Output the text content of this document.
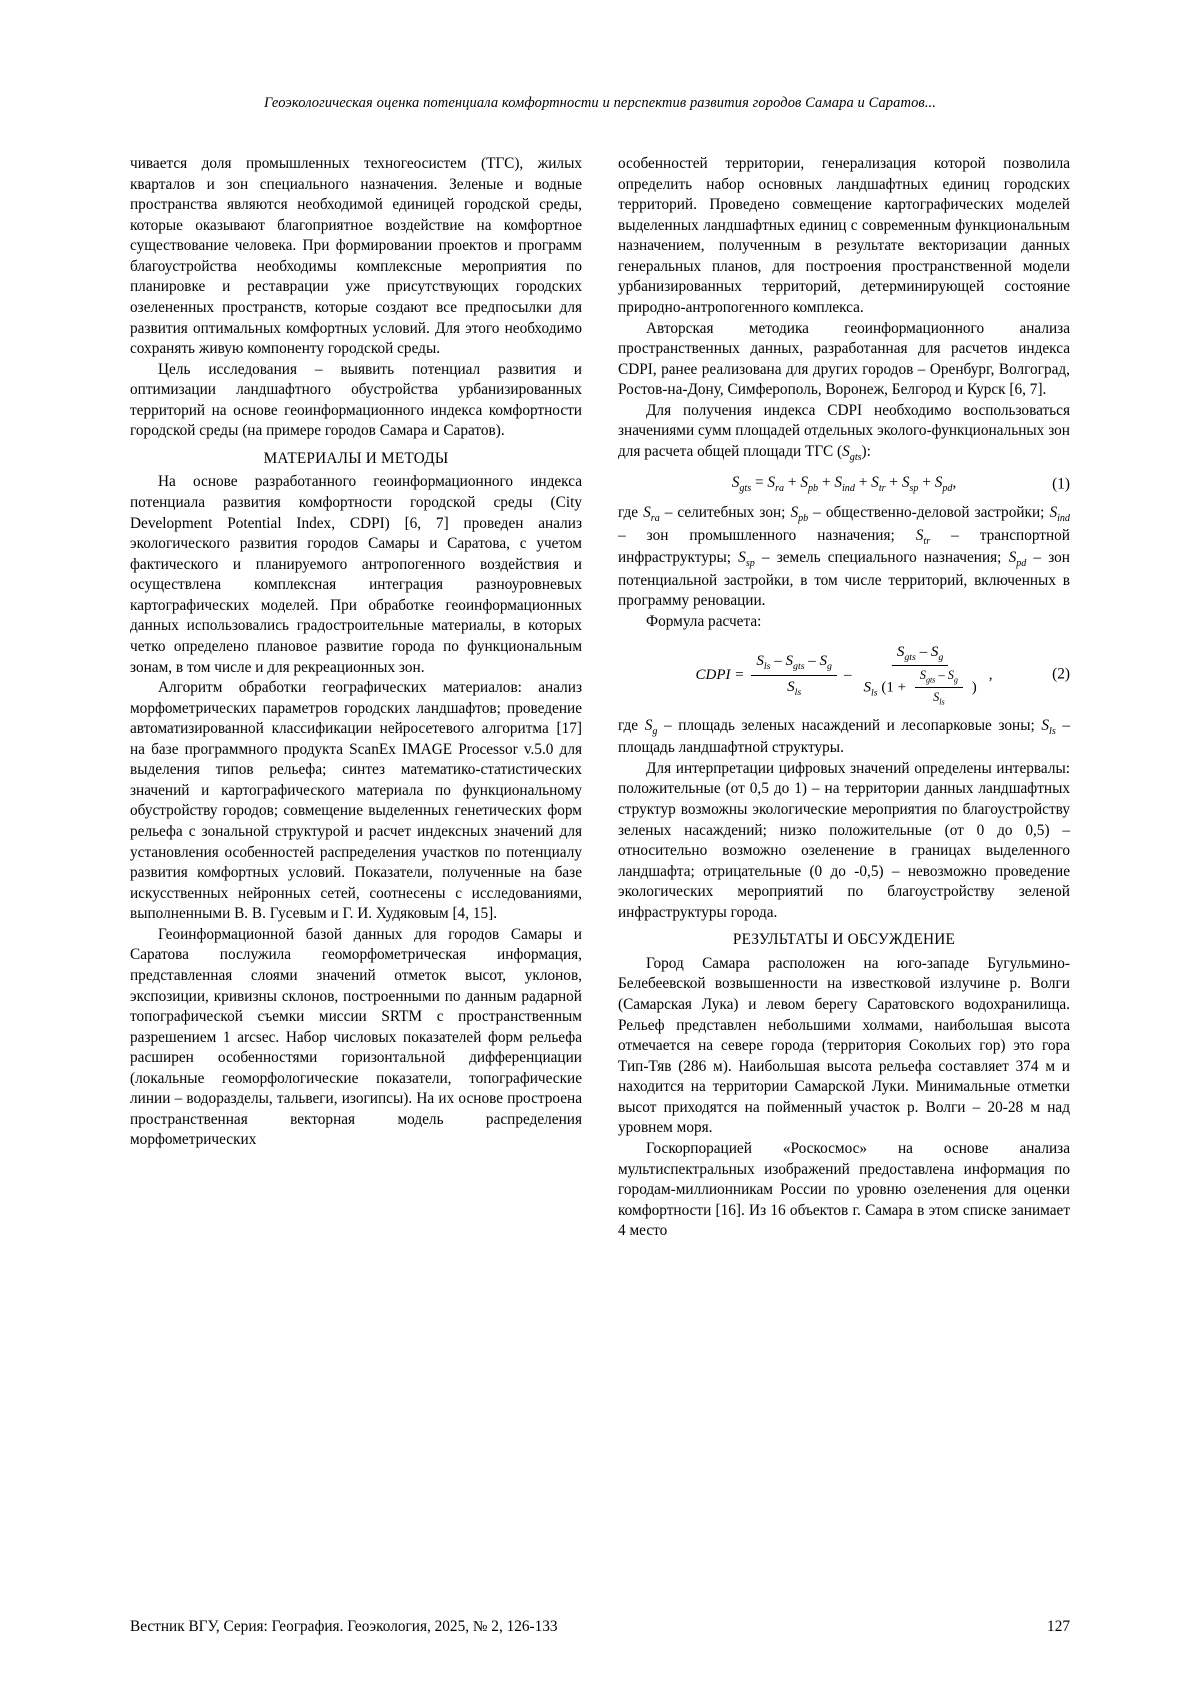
Геоэкологическая оценка потенциала комфортности и перспектив развития городов Самара и Саратов...

чивается доля промышленных техногеосистем (ТГС), жилых кварталов и зон специального назначения. Зеленые и водные пространства являются необходимой единицей городской среды, которые оказывают благоприятное воздействие на комфортное существование человека. При формировании проектов и программ благоустройства необходимы комплексные мероприятия по планировке и реставрации уже присутствующих городских озелененных пространств, которые создают все предпосылки для развития оптимальных комфортных условий. Для этого необходимо сохранять живую компоненту городской среды.

Цель исследования – выявить потенциал развития и оптимизации ландшафтного обустройства урбанизированных территорий на основе геоинформационного индекса комфортности городской среды (на примере городов Самара и Саратов).

МАТЕРИАЛЫ И МЕТОДЫ

На основе разработанного геоинформационного индекса потенциала развития комфортности городской среды (City Development Potential Index, CDPI) [6, 7] проведен анализ экологического развития городов Самары и Саратова, с учетом фактического и планируемого антропогенного воздействия и осуществлена комплексная интеграция разноуровневых картографических моделей. При обработке геоинформационных данных использовались градостроительные материалы, в которых четко определено плановое развитие города по функциональным зонам, в том числе и для рекреационных зон.

Алгоритм обработки географических материалов: анализ морфометрических параметров городских ландшафтов; проведение автоматизированной классификации нейросетевого алгоритма [17] на базе программного продукта ScanEx IMAGE Processor v.5.0 для выделения типов рельефа; синтез математико-статистических значений и картографического материала по функциональному обустройству городов; совмещение выделенных генетических форм рельефа с зональной структурой и расчет индексных значений для установления особенностей распределения участков по потенциалу развития комфортных условий. Показатели, полученные на базе искусственных нейронных сетей, соотнесены с исследованиями, выполненными В. В. Гусевым и Г. И. Худяковым [4, 15].

Геоинформационной базой данных для городов Самары и Саратова послужила геоморфометрическая информация, представленная слоями значений отметок высот, уклонов, экспозиции, кривизны склонов, построенными по данным радарной топографической съемки миссии SRTM с пространственным разрешением 1 arcsec. Набор числовых показателей форм рельефа расширен особенностями горизонтальной дифференциации (локальные геоморфологические показатели, топографические линии – водоразделы, тальвеги, изогипсы). На их основе простроена пространственная векторная модель распределения морфометрических

особенностей территории, генерализация которой позволила определить набор основных ландшафтных единиц городских территорий. Проведено совмещение картографических моделей выделенных ландшафтных единиц с современным функциональным назначением, полученным в результате векторизации данных генеральных планов, для построения пространственной модели урбанизированных территорий, детерминирующей состояние природно-антропогенного комплекса.

Авторская методика геоинформационного анализа пространственных данных, разработанная для расчетов индекса CDPI, ранее реализована для других городов – Оренбург, Волгоград, Ростов-на-Дону, Симферополь, Воронеж, Белгород и Курск [6, 7].

Для получения индекса CDPI необходимо воспользоваться значениями сумм площадей отдельных эколого-функциональных зон для расчета общей площади ТГС $(S_{gts})$:

$S_{gts} = S_{ra} + S_{pb} + S_{ind} + S_{tr} + S_{sp} + S_{pd}$,	(1)

где $S_{ra}$ – селитебных зон; $S_{pb}$ – общественно-деловой застройки; $S_{ind}$ – зон промышленного назначения; $S_{tr}$ – транспортной инфраструктуры; $S_{sp}$ – земель специального назначения; $S_{pd}$ – зон потенциальной застройки, в том числе территорий, включенных в программу реновации.

Формула расчета:

CDPI = $\frac{S_{ls} - S_{gts} - S_g}{S_{ls}}$ –
$S_{gts} - S_g$
$S_{ls}$ ($1 + \frac{S_{gts} - S_g}{S_{ls}}$ )
,	(2)

где $S_g$ – площадь зеленых насаждений и лесопарковые зоны; $S_{ls}$ – площадь ландшафтной структуры.

Для интерпретации цифровых значений определены интервалы: положительные (от 0,5 до 1) – на территории данных ландшафтных структур возможны экологические мероприятия по благоустройству зеленых насаждений; низко положительные (от 0 до 0,5) – относительно возможно озеленение в границах выделенного ландшафта; отрицательные (0 до -0,5) – невозможно проведение экологических мероприятий по благоустройству зеленой инфраструктуры города.

РЕЗУЛЬТАТЫ И ОБСУЖДЕНИЕ

Город Самара расположен на юго-западе Бугульмино-Белебеевской возвышенности на известковой излучине р. Волги (Самарская Лука) и левом берегу Саратовского водохранилища. Рельеф представлен небольшими холмами, наибольшая высота отмечается на севере города (территория Сокольих гор) это гора Тип-Тяв (286 м). Наибольшая высота рельефа составляет 374 м и находится на территории Самарской Луки. Минимальные отметки высот приходятся на пойменный участок р. Волги – 20-28 м над уровнем моря.

Госкорпорацией «Роскосмос» на основе анализа мультиспектральных изображений предоставлена информация по городам-миллионникам России по уровню озеленения для оценки комфортности [16]. Из 16 объектов г. Самара в этом списке занимает 4 место

Вестник ВГУ, Серия: География. Геоэкология, 2025, № 2, 126-133	127
